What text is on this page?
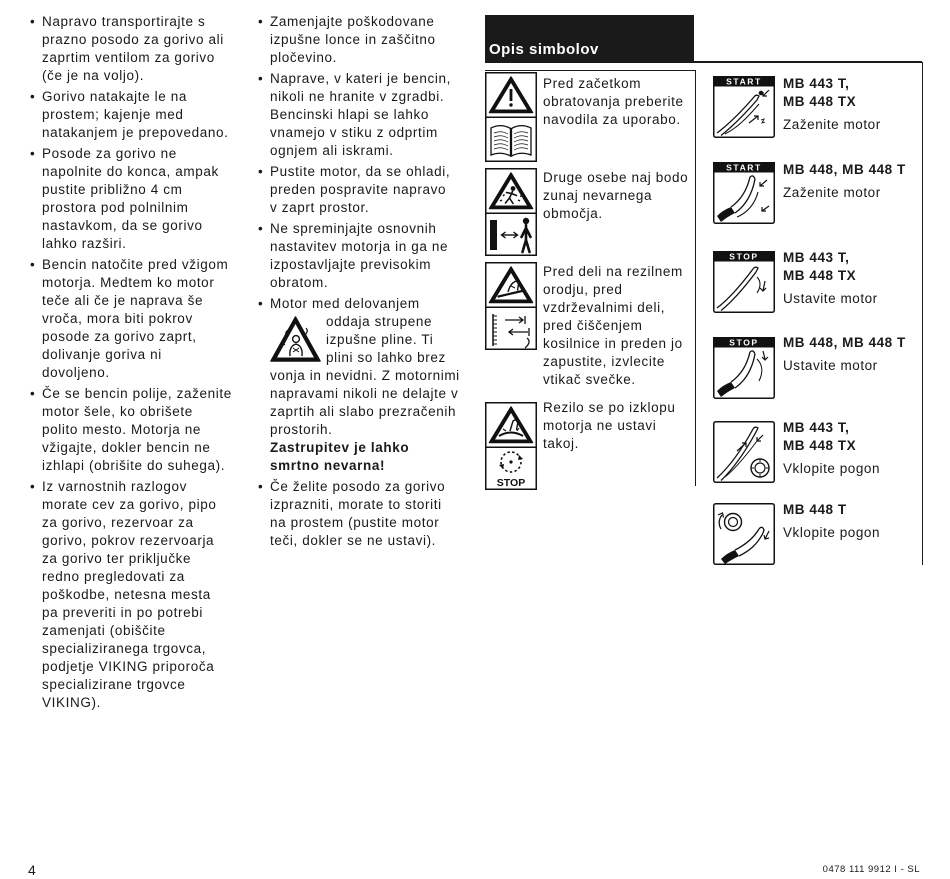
• Napravo transportirajte s
prazno posodo za gorivo ali
zaprtim ventilom za gorivo
(če je na voljo).
• Gorivo natakajte le na
prostem; kajenje med
natakanjem je prepovedano.
• Posode za gorivo ne
napolnite do konca, ampak
pustite približno 4 cm
prostora pod polnilnim
nastavkom, da se gorivo
lahko razširi.
• Bencin natočite pred vžigom
motorja. Medtem ko motor
teče ali če je naprava še
vroča, mora biti pokrov
posode za gorivo zaprt,
dolivanje goriva ni
dovoljeno.
• Če se bencin polije, zaženite
motor šele, ko obrišete
polito mesto. Motorja ne
vžigajte, dokler bencin ne
izhlapi (obrišite do suhega).
• Iz varnostnih razlogov
morate cev za gorivo, pipo
za gorivo, rezervoar za
gorivo, pokrov rezervoarja
za gorivo ter priključke
redno pregledovati za
poškodbe, netesna mesta
pa preveriti in po potrebi
zamenjati (obiščite
specializiranega trgovca,
podjetje VIKING priporoča
specializirane trgovce
VIKING).
• Zamenjajte poškodovane
izpušne lonce in zaščitno
pločevino.
• Naprave, v kateri je bencin,
nikoli ne hranite v zgradbi.
Bencinski hlapi se lahko
vnamejo v stiku z odprtim
ognjem ali iskrami.
• Pustite motor, da se ohladi,
preden pospravite napravo
v zaprt prostor.
• Ne spreminjajte osnovnih
nastavitev motorja in ga ne
izpostavljajte previsokim
obratom.
• Motor med delovanjem
oddaja strupene
izpušne pline. Ti
plini so lahko brez
vonja in nevidni. Z motornimi
napravami nikoli ne delajte v
zaprtih ali slabo prezračenih
prostorih.
Zastrupitev je lahko
smrtno nevarna!
• Če želite posodo za gorivo
izprazniti, morate to storiti
na prostem (pustite motor
teči, dokler se ne ustavi).
Opis simbolov
Pred začetkom
obratovanja preberite
navodila za uporabo.
Druge osebe naj bodo
zunaj nevarnega
območja.
Pred deli na rezilnem
orodju, pred
vzdrževalnimi deli,
pred čiščenjem
kosilnice in preden jo
zapustite, izvlecite
vtikač svečke.
STOP
Rezilo se po izklopu
motorja ne ustavi
takoj.
START MB 443 T,
MB 448 TX
Zaženite motor
START MB 448, MB 448 T
Zaženite motor
STOP MB 443 T,
MB 448 TX
Ustavite motor
STOP MB 448, MB 448 T
Ustavite motor
MB 443 T,
MB 448 TX
Vklopite pogon
MB 448 T
Vklopite pogon
4	0478 111 9912 I - SL
